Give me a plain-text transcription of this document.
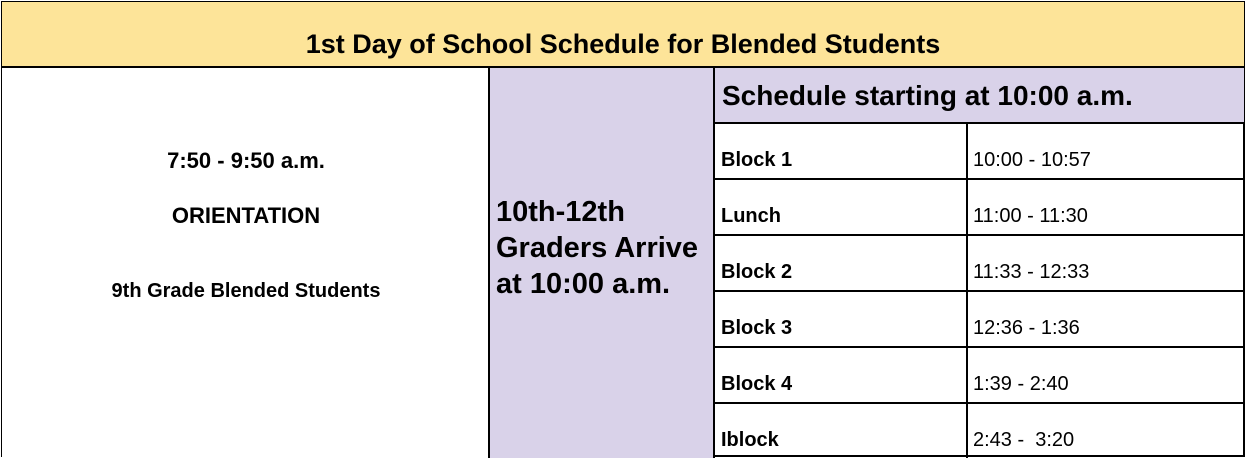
1st Day of School Schedule for Blended Students
7:50 - 9:50 a.m.
ORIENTATION
9th Grade Blended Students
10th-12th Graders Arrive at 10:00 a.m.
Schedule starting at 10:00 a.m.
Block 1	10:00 - 10:57
Lunch	11:00 - 11:30
Block 2	11:33 - 12:33
Block 3	12:36 - 1:36
Block 4	1:39 - 2:40
Iblock	2:43 -  3:20
